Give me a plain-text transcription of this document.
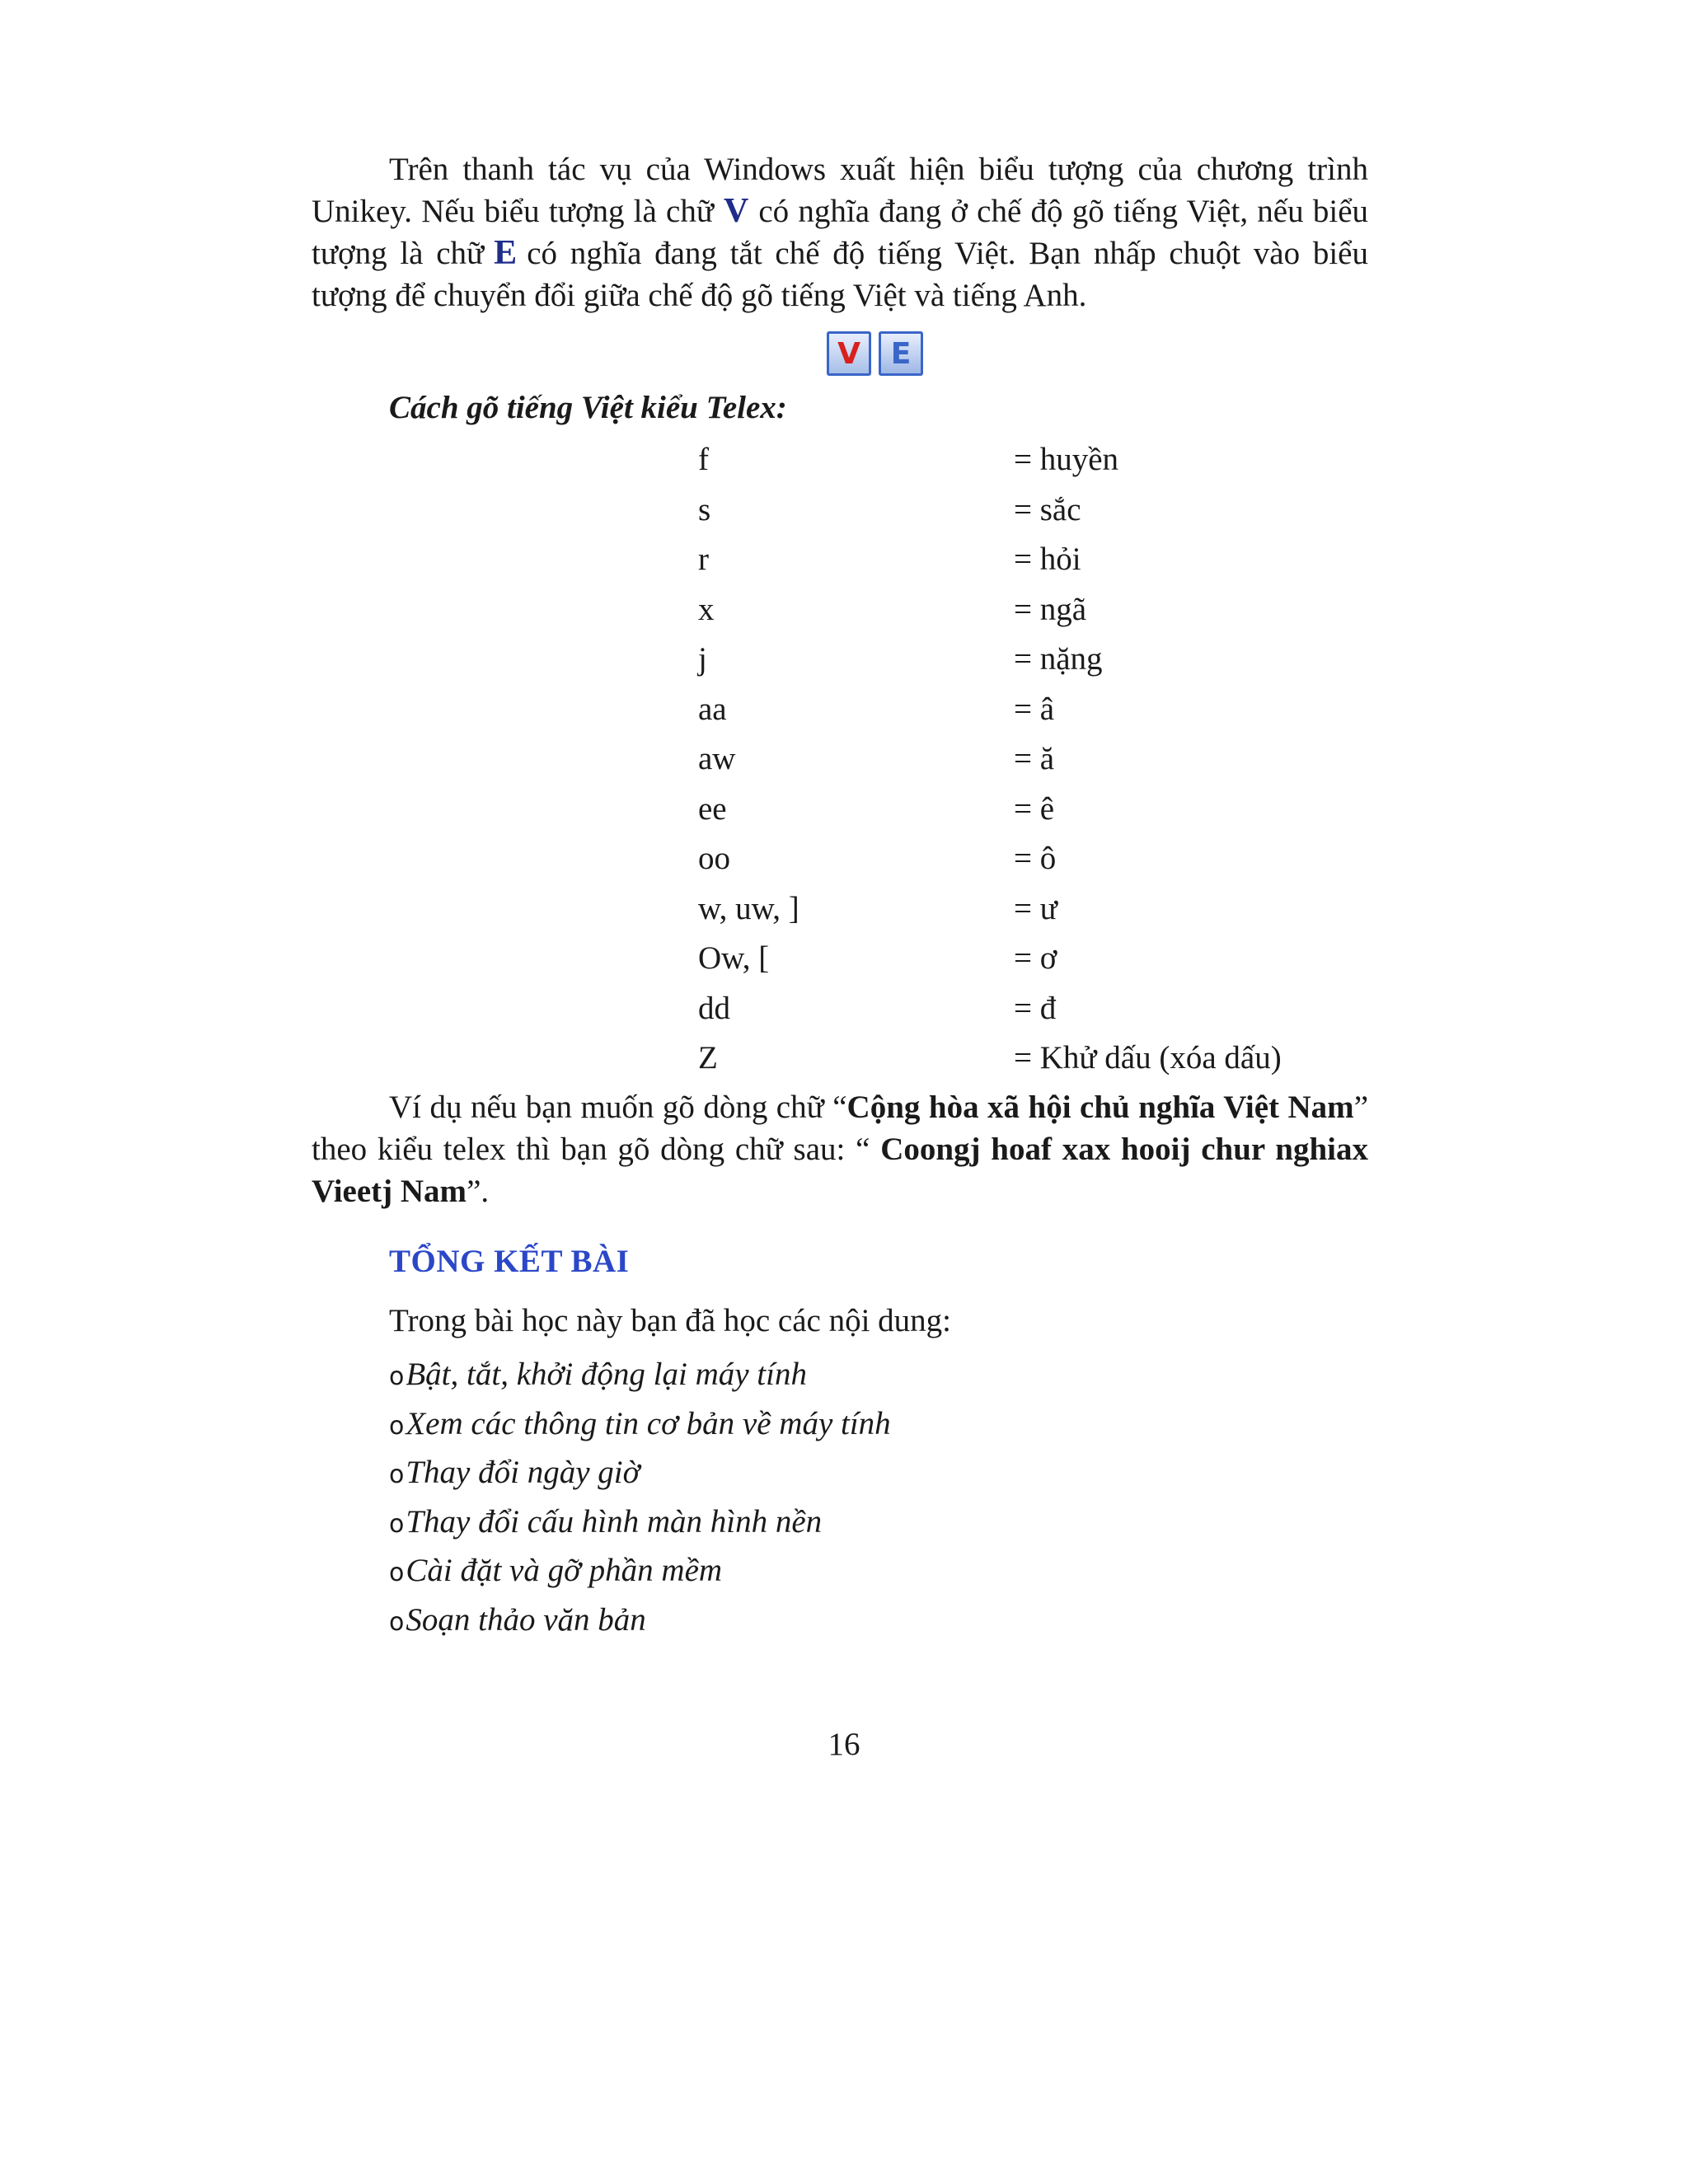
Trên thanh tác vụ của Windows xuất hiện biểu tượng của chương trình Unikey. Nếu biểu tượng là chữ V có nghĩa đang ở chế độ gõ tiếng Việt, nếu biểu tượng là chữ E có nghĩa đang tắt chế độ tiếng Việt. Bạn nhấp chuột vào biểu tượng để chuyển đổi giữa chế độ gõ tiếng Việt và tiếng Anh.

V E

Cách gõ tiếng Việt kiểu Telex:

f	= huyền
s	= sắc
r	= hỏi
x	= ngã
j	= nặng
aa	= â
aw	= ă
ee	= ê
oo	= ô
w, uw, ]	= ư
Ow, [	= ơ
dd	= đ
Z	= Khử dấu (xóa dấu)

Ví dụ nếu bạn muốn gõ dòng chữ “Cộng hòa xã hội chủ nghĩa Việt Nam” theo kiểu telex thì bạn gõ dòng chữ sau: “ Coongj hoaf xax hooij chur nghiax Vieetj Nam”.

TỔNG KẾT BÀI

Trong bài học này bạn đã học các nội dung:

oBật, tắt, khởi động lại máy tính
oXem các thông tin cơ bản về máy tính
oThay đổi ngày giờ
oThay đổi cấu hình màn hình nền
oCài đặt và gỡ phần mềm
oSoạn thảo văn bản

16
